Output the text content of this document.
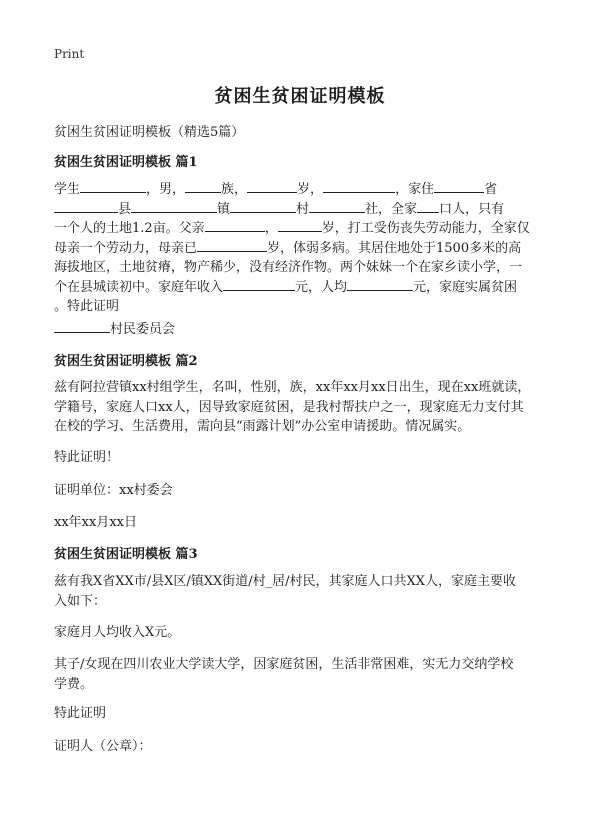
Print
贫困生贫困证明模板
贫困生贫困证明模板（精选5篇）
贫困生贫困证明模板 篇1
学生	，男，	族，	岁，	，家住	省
县	镇	村	社，全家 口人，只有
一个人的土地1.2亩。父亲	，	岁，打工受伤丧失劳动能力，全家仅
母亲一个劳动力，母亲已	岁，体弱多病。其居住地处于1500多米的高
海拔地区，土地贫瘠，物产稀少，没有经济作物。两个妹妹一个在家乡读小学，一
个在县城读初中。家庭年收入	元，人均	元，家庭实属贫困
。特此证明
村民委员会
贫困生贫困证明模板 篇2
兹有阿拉营镇xx村组学生，名叫，性别，族，xx年xx月xx日出生，现在xx班就读，
学籍号，家庭人口xx人，因导致家庭贫困，是我村帮扶户之一，现家庭无力支付其
在校的学习、生活费用，需向县“雨露计划”办公室申请援助。情况属实。
特此证明！
证明单位：xx村委会
xx年xx月xx日
贫困生贫困证明模板 篇3
兹有我X省XX市/县X区/镇XX街道/村_居/村民，其家庭人口共XX人，家庭主要收
入如下：
家庭月人均收入X元。
其子/女现在四川农业大学读大学，因家庭贫困，生活非常困难，实无力交纳学校
学费。
特此证明
证明人（公章）：
